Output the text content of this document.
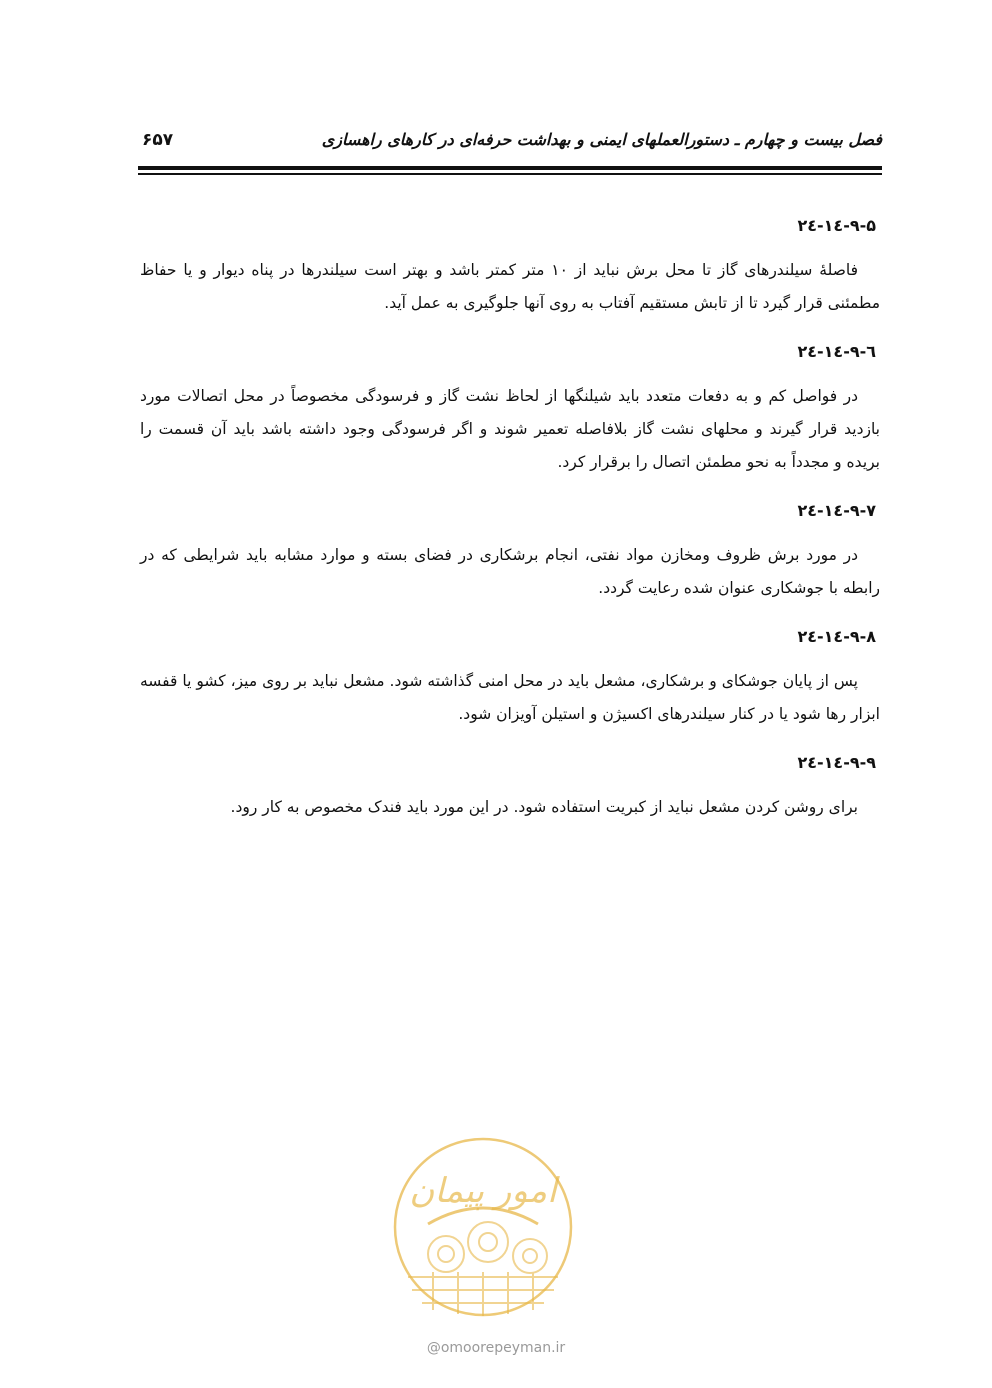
فصل بیست و چهارم ـ دستورالعملهای ایمنی و بهداشت حرفه‌ای در کارهای راهسازی
۶۵۷
۲٤-۱٤-۹-۵

فاصلهٔ سیلندرهای گاز تا محل برش نباید از ۱۰ متر کمتر باشد و بهتر است سیلندرها در پناه دیوار و یا حفاظ مطمئنی قرار گیرد تا از تابش مستقیم آفتاب به روی آنها جلوگیری به عمل آید.

۲٤-۱٤-۹-٦

در فواصل کم و به دفعات متعدد باید شیلنگها از لحاظ نشت گاز و فرسودگی مخصوصاً در محل اتصالات مورد بازدید قرار گیرند و محلهای نشت گاز بلافاصله تعمیر شوند و اگر فرسودگی وجود داشته باشد باید آن قسمت را بریده و مجدداً به نحو مطمئن اتصال را برقرار کرد.

۲٤-۱٤-۹-۷

در مورد برش ظروف ومخازن مواد نفتی، انجام برشکاری در فضای بسته و موارد مشابه باید شرایطی که در رابطه با جوشکاری عنوان شده رعایت گردد.

۲٤-۱٤-۹-۸

پس از پایان جوشکای و برشکاری، مشعل باید در محل امنی گذاشته شود. مشعل نباید بر روی میز، کشو یا قفسه ابزار رها شود یا در کنار سیلندرهای اکسیژن و استیلن آویزان شود.

۲٤-۱٤-۹-۹

برای روشن کردن مشعل نباید از کبریت استفاده شود. در این مورد باید فندک مخصوص به کار رود.

امور پیمان
@omoorepeyman.ir
